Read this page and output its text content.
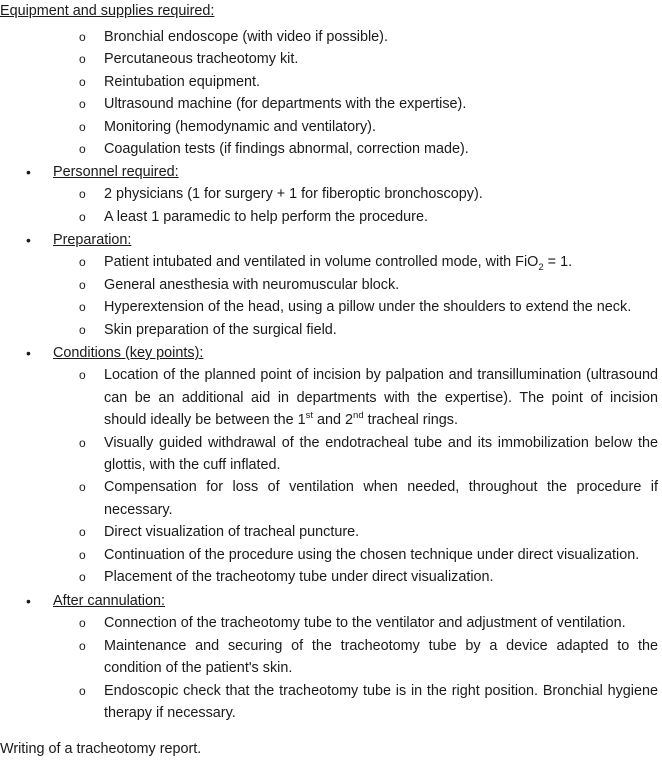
Equipment and supplies required:
o Bronchial endoscope (with video if possible).
o Percutaneous tracheotomy kit.
o Reintubation equipment.
o Ultrasound machine (for departments with the expertise).
o Monitoring (hemodynamic and ventilatory).
o Coagulation tests (if findings abnormal, correction made).
• Personnel required:
o 2 physicians (1 for surgery + 1 for fiberoptic bronchoscopy).
o A least 1 paramedic to help perform the procedure.
• Preparation:
o Patient intubated and ventilated in volume controlled mode, with FiO$_2$ = 1.
o General anesthesia with neuromuscular block.
o Hyperextension of the head, using a pillow under the shoulders to extend the neck.
o Skin preparation of the surgical field.
• Conditions (key points):
o Location of the planned point of incision by palpation and transillumination (ultrasound can be an additional aid in departments with the expertise). The point of incision should ideally be between the 1st and 2nd tracheal rings.
o Visually guided withdrawal of the endotracheal tube and its immobilization below the glottis, with the cuff inflated.
o Compensation for loss of ventilation when needed, throughout the procedure if necessary.
o Direct visualization of tracheal puncture.
o Continuation of the procedure using the chosen technique under direct visualization.
o Placement of the tracheotomy tube under direct visualization.
• After cannulation:
o Connection of the tracheotomy tube to the ventilator and adjustment of ventilation.
o Maintenance and securing of the tracheotomy tube by a device adapted to the condition of the patient's skin.
o Endoscopic check that the tracheotomy tube is in the right position. Bronchial hygiene therapy if necessary.
Writing of a tracheotomy report.
